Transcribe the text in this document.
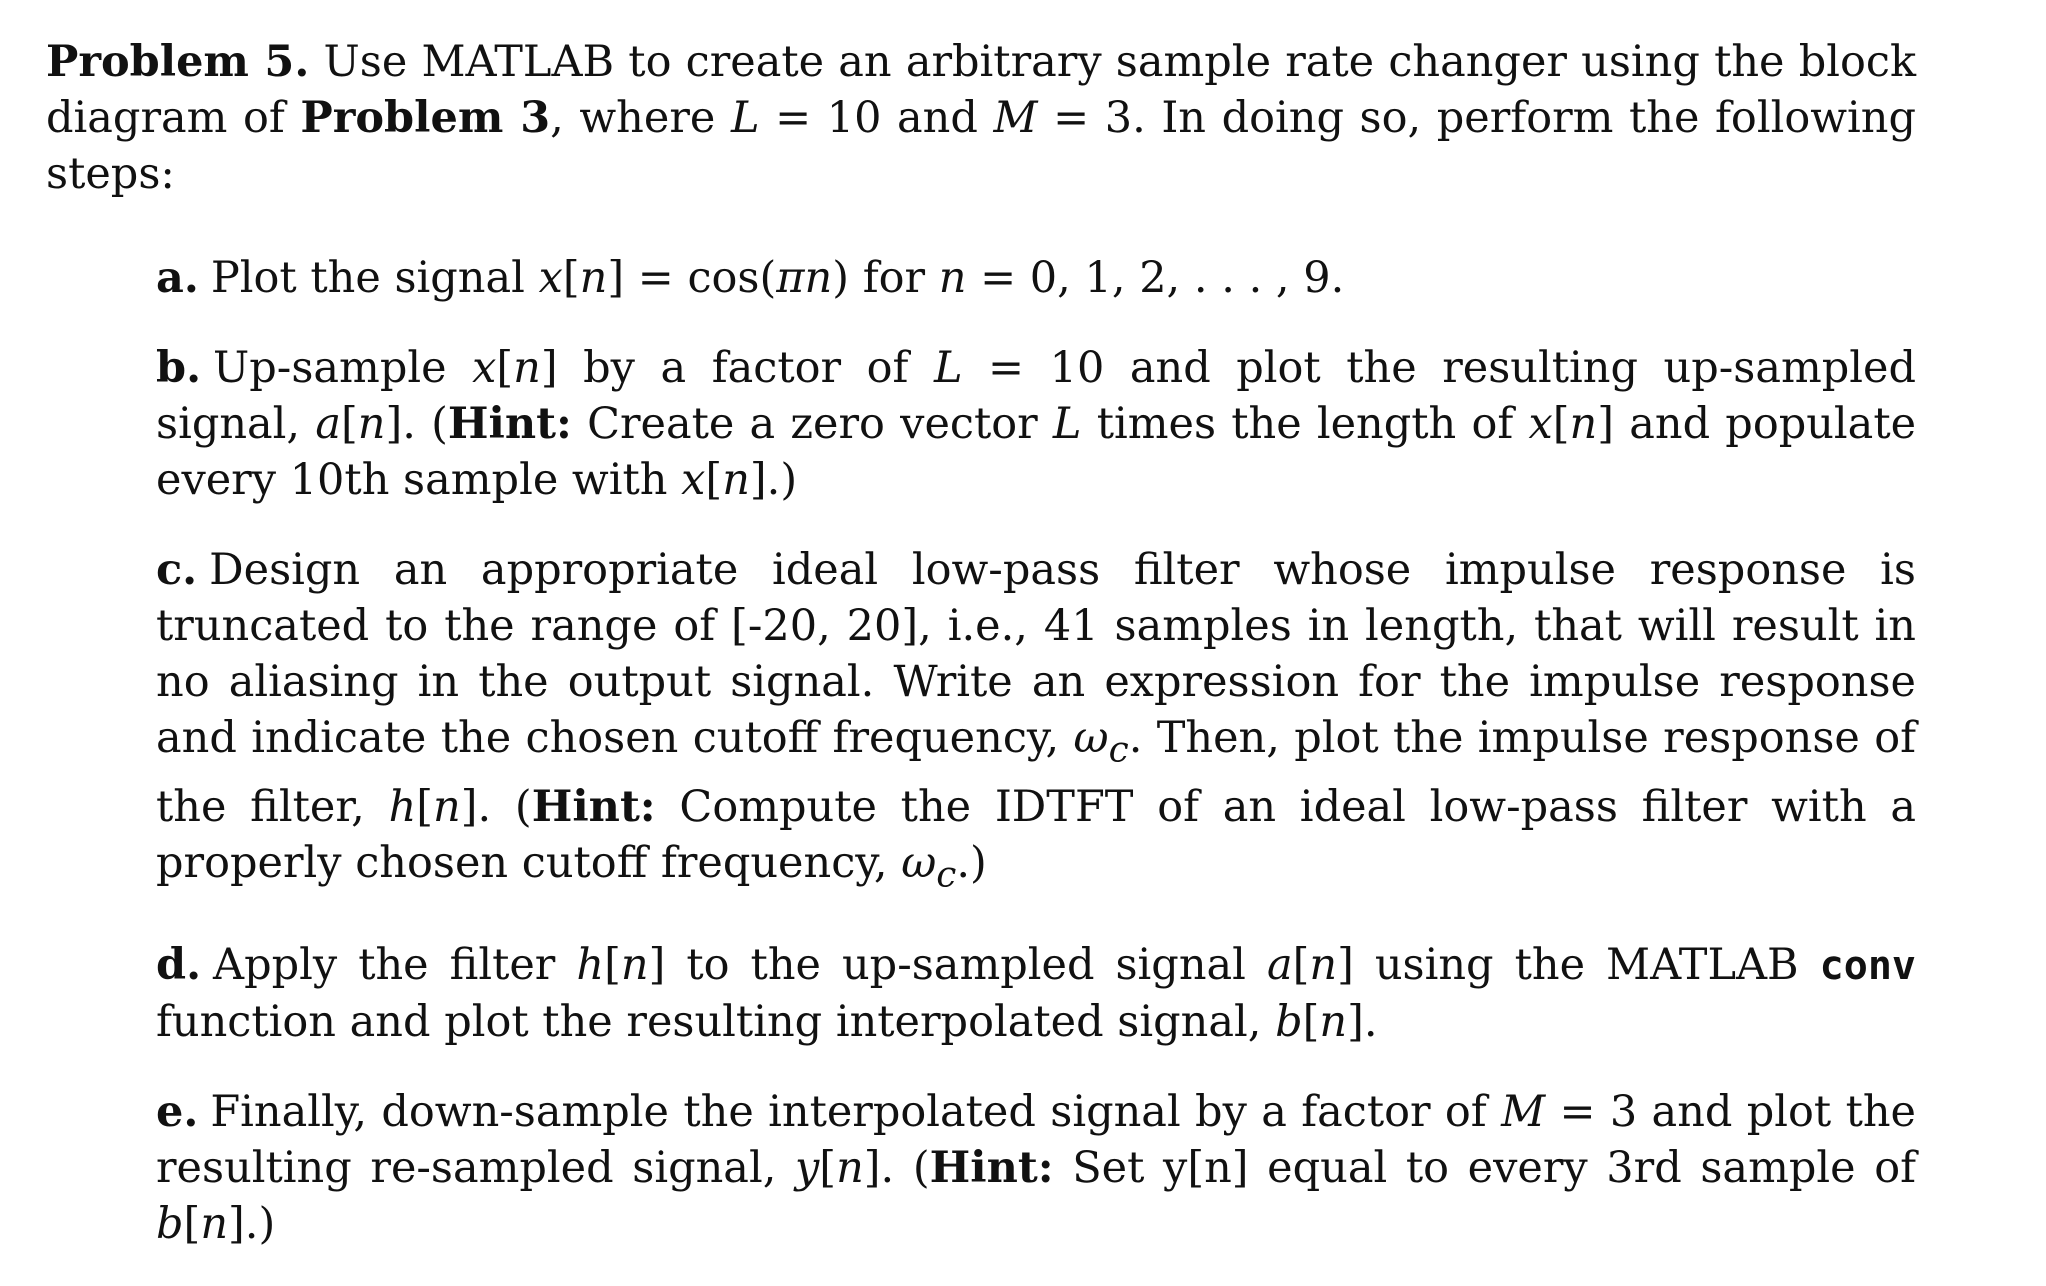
Problem 5. Use MATLAB to create an arbitrary sample rate changer using the block diagram of Problem 3, where L = 10 and M = 3. In doing so, perform the following steps:

a. Plot the signal x[n] = cos(πn) for n = 0, 1, 2, . . . , 9.

b. Up-sample x[n] by a factor of L = 10 and plot the resulting up-sampled signal, a[n]. (Hint: Create a zero vector L times the length of x[n] and populate every 10th sample with x[n].)

c. Design an appropriate ideal low-pass filter whose impulse response is truncated to the range of [-20, 20], i.e., 41 samples in length, that will result in no aliasing in the output signal. Write an expression for the impulse response and indicate the chosen cutoff frequency, $\omega_c$. Then, plot the impulse response of the filter, h[n]. (Hint: Compute the IDTFT of an ideal low-pass filter with a properly chosen cutoff frequency, $\omega_c$.)

d. Apply the filter h[n] to the up-sampled signal a[n] using the MATLAB conv function and plot the resulting interpolated signal, b[n].

e. Finally, down-sample the interpolated signal by a factor of M = 3 and plot the resulting re-sampled signal, y[n]. (Hint: Set y[n] equal to every 3rd sample of b[n].)
